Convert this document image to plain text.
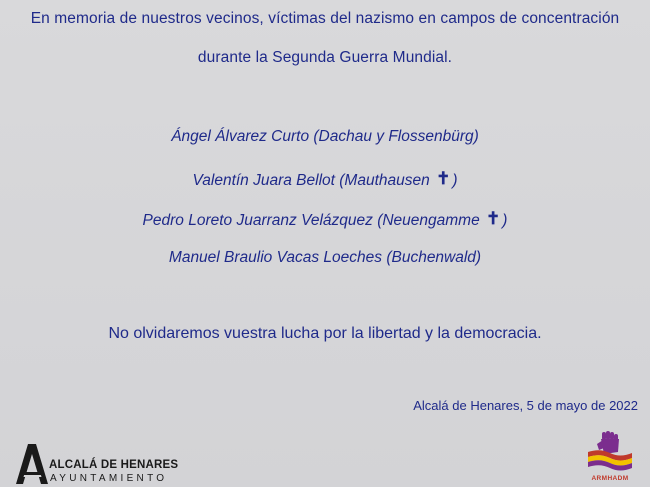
En memoria de nuestros vecinos, víctimas del nazismo en campos de concentración
durante la Segunda Guerra Mundial.
Ángel Álvarez Curto (Dachau y Flossenbürg)
Valentín Juara Bellot (Mauthausen ✝ )
Pedro Loreto Juarranz Velázquez (Neuengamme ✝ )
Manuel Braulio Vacas Loeches (Buchenwald)
No olvidaremos vuestra lucha por la libertad y la democracia.
Alcalá de Henares, 5 de mayo de 2022
ALCALÁ DE HENARES
AYUNTAMIENTO	ARMHADM
